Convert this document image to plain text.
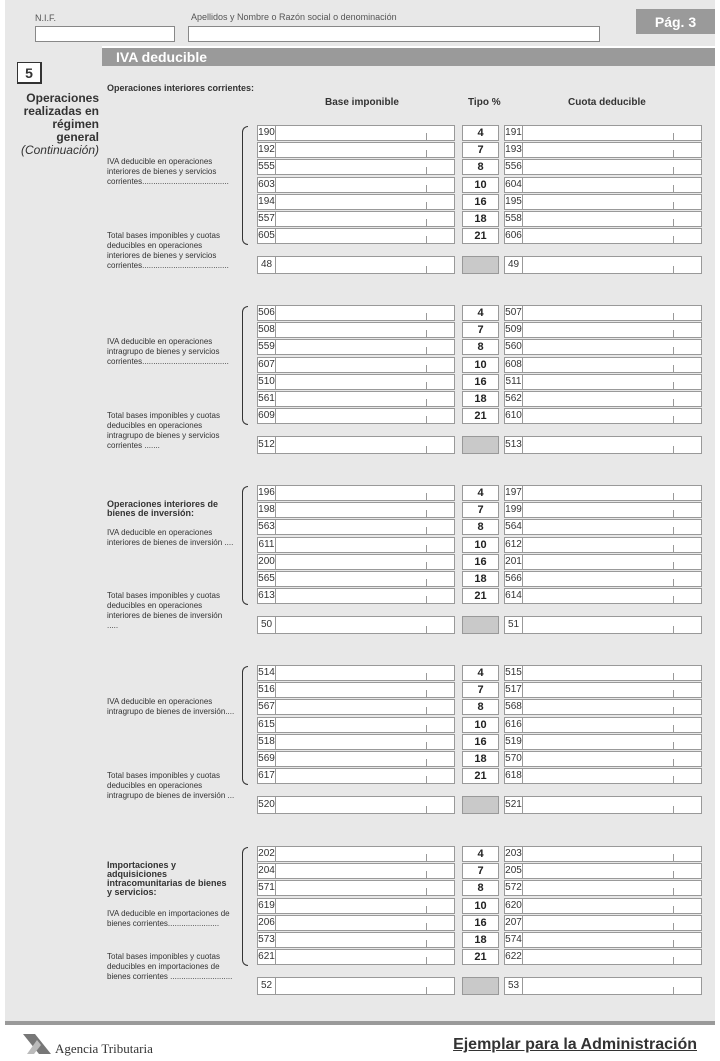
N.I.F.	Apellidos y Nombre o Razón social o denominación	Pág. 3
5
Operaciones realizadas en régimen general
(Continuación)
IVA deducible
Operaciones interiores corrientes:
Base imponible	Tipo %	Cuota deducible
IVA deducible en operaciones interiores de bienes y servicios corrientes.......................................
Total bases imponibles y cuotas deducibles en operaciones interiores de bienes y servicios corrientes.......................................
190	4	191
192	7	193
555	8	556
603	10	604
194	16	195
557	18	558
605	21	606
48	49
IVA deducible en operaciones intragrupo de bienes y servicios corrientes.......................................
Total bases imponibles y cuotas deducibles en operaciones intragrupo de bienes y servicios corrientes .......
506	4	507
508	7	509
559	8	560
607	10	608
510	16	511
561	18	562
609	21	610
512	513
Operaciones interiores de bienes de inversión:
IVA deducible en operaciones interiores de bienes de inversión ....
Total bases imponibles y cuotas deducibles en operaciones interiores de bienes de inversión .....
196	4	197
198	7	199
563	8	564
611	10	612
200	16	201
565	18	566
613	21	614
50	51
IVA deducible en operaciones intragrupo de bienes de inversión....
Total bases imponibles y cuotas deducibles en operaciones intragrupo de bienes de inversión ...
514	4	515
516	7	517
567	8	568
615	10	616
518	16	519
569	18	570
617	21	618
520	521
Importaciones y adquisiciones intracomunitarias de bienes y servicios:
IVA deducible en importaciones de bienes corrientes.......................
Total bases imponibles y cuotas deducibles en importaciones de bienes corrientes ............................
202	4	203
204	7	205
571	8	572
619	10	620
206	16	207
573	18	574
621	21	622
52	53
Agencia Tributaria	Ejemplar para la Administración
